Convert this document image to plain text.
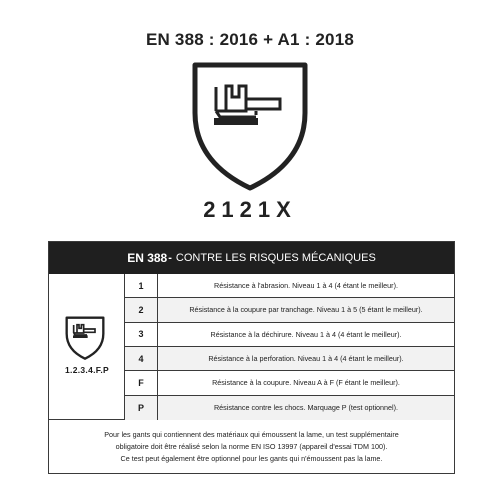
EN 388 : 2016 + A1 : 2018
2121X
EN 388 - CONTRE LES RISQUES MÉCANIQUES
1.2.3.4.F.P
1	Résistance à l'abrasion. Niveau 1 à 4 (4 étant le meilleur).
2	Résistance à la coupure par tranchage. Niveau 1 à 5 (5 étant le meilleur).
3	Résistance à la déchirure. Niveau 1 à 4 (4 étant le meilleur).
4	Résistance à la perforation. Niveau 1 à 4 (4 étant le meilleur).
F	Résistance à la coupure. Niveau A à F (F étant le meilleur).
P	Résistance contre les chocs. Marquage P (test optionnel).
Pour les gants qui contiennent des matériaux qui émoussent la lame, un test supplémentaire
obligatoire doit être réalisé selon la norme EN ISO 13997 (appareil d'essai TDM 100).
Ce test peut également être optionnel pour les gants qui n'émoussent pas la lame.
